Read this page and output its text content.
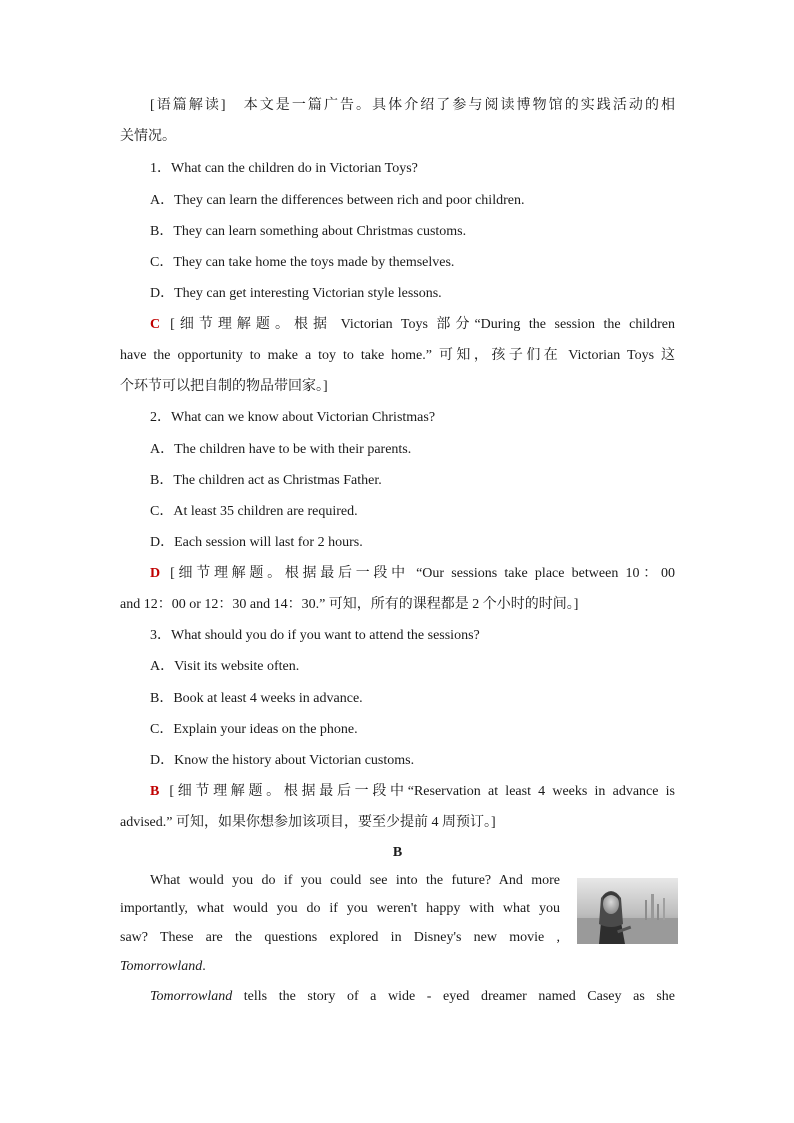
[语篇解读]　 本文是一篇广告。具体介绍了参与阅读博物馆的实践活动的相
关情况。
1．What can the children do in Victorian Toys?
A．They can learn the differences between rich and poor children.
B．They can learn something about Christmas customs.
C．They can take home the toys made by themselves.
D．They can get interesting Victorian style lessons.
C [细节理解题。根据 Victorian Toys 部分“During the session the children
have the opportunity to make a toy to take home.” 可知，孩子们在 Victorian Toys 这
个环节可以把自制的物品带回家。]
2．What can we know about Victorian Christmas?
A．The children have to be with their parents.
B．The children act as Christmas Father.
C．At least 35 children are required.
D．Each session will last for 2 hours.
D [细节理解题。根据最后一段中 “Our sessions take place between 10：00
and 12：00 or 12：30 and 14：30.” 可知，所有的课程都是 2 个小时的时间。]
3．What should you do if you want to attend the sessions?
A．Visit its website often.
B．Book at least 4 weeks in advance.
C．Explain your ideas on the phone.
D．Know the history about Victorian customs.
B [细节理解题。根据最后一段中“Reservation at least 4 weeks in advance is
advised.” 可知，如果你想参加该项目，要至少提前 4 周预订。]
B
What would you do if you could see into the future? And more
importantly, what would you do if you weren't happy with what you
saw? These are the questions explored in Disney's new movie ,
Tomorrowland.
Tomorrowland tells the story of a wide - eyed dreamer named Casey as she
